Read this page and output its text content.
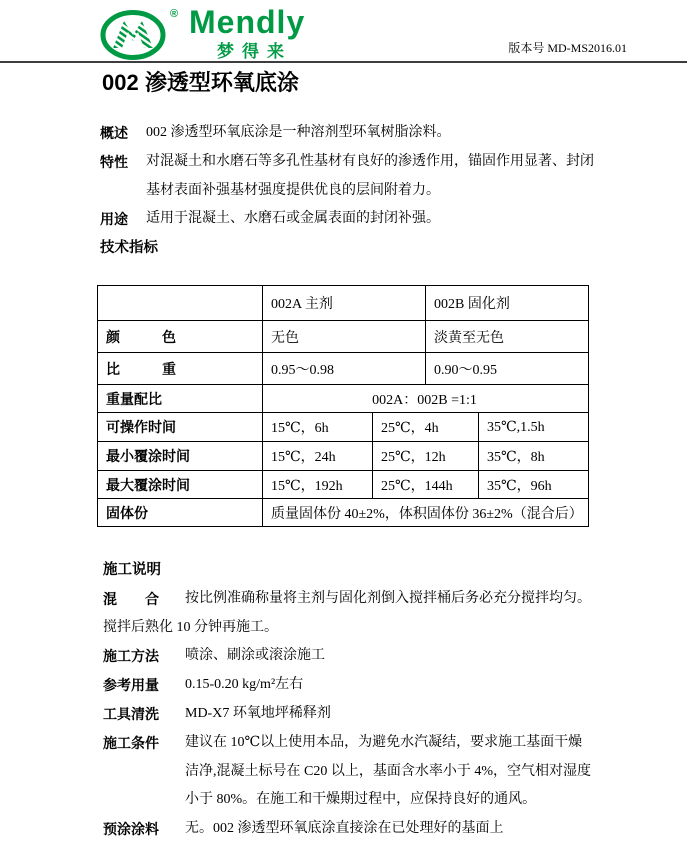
® Mendly
梦得来	版本号 MD-MS2016.01
002 渗透型环氧底涂
概述	002 渗透型环氧底涂是一种溶剂型环氧树脂涂料。
特性	对混凝土和水磨石等多孔性基材有良好的渗透作用，锚固作用显著、封闭
基材表面补强基材强度提供优良的层间附着力。
用途	适用于混凝土、水磨石或金属表面的封闭补强。
技术指标
	002A 主剂		002B 固化剂	
颜　　　色	无色		淡黄至无色	
比　　　重	0.95～0.98		0.90～0.95	
重量配比	002A：002B =1:1			
可操作时间	15℃，6h	25℃，4h		35℃,1.5h
最小覆涂时间	15℃，24h	25℃，12h		35℃，8h
最大覆涂时间	15℃，192h	25℃，144h		35℃，96h
固体份	质量固体份 40±2%，体积固体份 36±2%（混合后）			
施工说明
混　　合	按比例准确称量将主剂与固化剂倒入搅拌桶后务必充分搅拌均匀。
搅拌后熟化 10 分钟再施工。
施工方法	喷涂、刷涂或滚涂施工
参考用量	0.15-0.20 kg/m²左右
工具清洗	MD-X7 环氧地坪稀释剂
施工条件	建议在 10℃以上使用本品，为避免水汽凝结，要求施工基面干燥
洁净,混凝土标号在 C20 以上，基面含水率小于 4%，空气相对湿度
小于 80%。在施工和干燥期过程中，应保持良好的通风。
预涂涂料	无。002 渗透型环氧底涂直接涂在已处理好的基面上
